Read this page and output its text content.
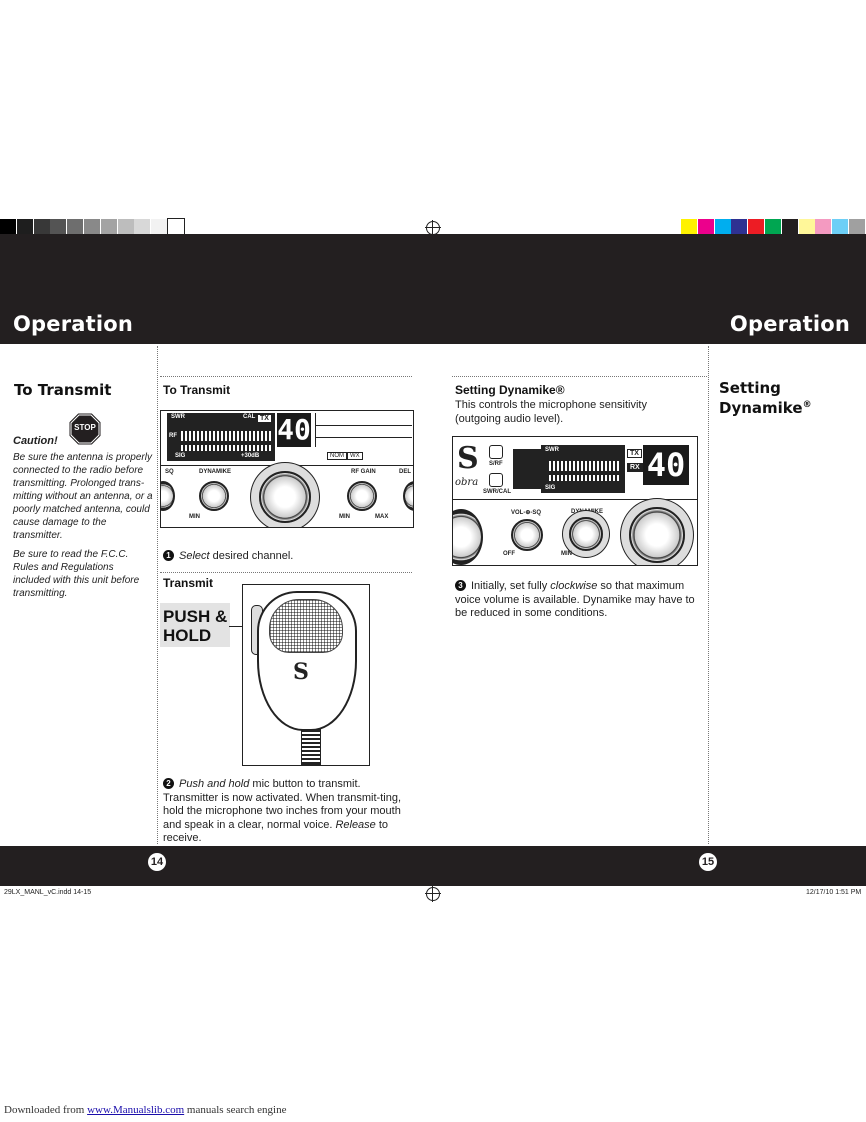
Operation	Operation
To Transmit
STOP
Caution!
Be sure the antenna is properly connected to the radio before transmitting. Prolonged trans-mitting without an antenna, or a poorly matched antenna, could cause damage to the transmitter.
Be sure to read the F.C.C. Rules and Regulations included with this unit before transmitting.
To Transmit
SWR	CAL
RF
SIG	+30dB
TX 40
NOM	WX
SQ	DYNAMIKE	RF GAIN	DEL
MIN	MIN	MAX
1 Select desired channel.
Transmit
PUSH &
HOLD
S
2 Push and hold mic button to transmit. Transmitter is now activated. When transmit-ting, hold the microphone two inches from your mouth and speak in a clear, normal voice. Release to receive.
Setting Dynamike®
This controls the microphone sensitivity (outgoing audio level).
S
obra
S/RF
SWR/CAL
SWR
SIG
TX
RX 40
VOL-⊕-SQ	DYNAMIKE
OFF	MIN
3 Initially, set fully clockwise so that maximum voice volume is available. Dynamike may have to be reduced in some conditions.
Setting
Dynamike®
14	15
29LX_MANL_vC.indd 14-15	12/17/10 1:51 PM
Downloaded from www.Manualslib.com manuals search engine
